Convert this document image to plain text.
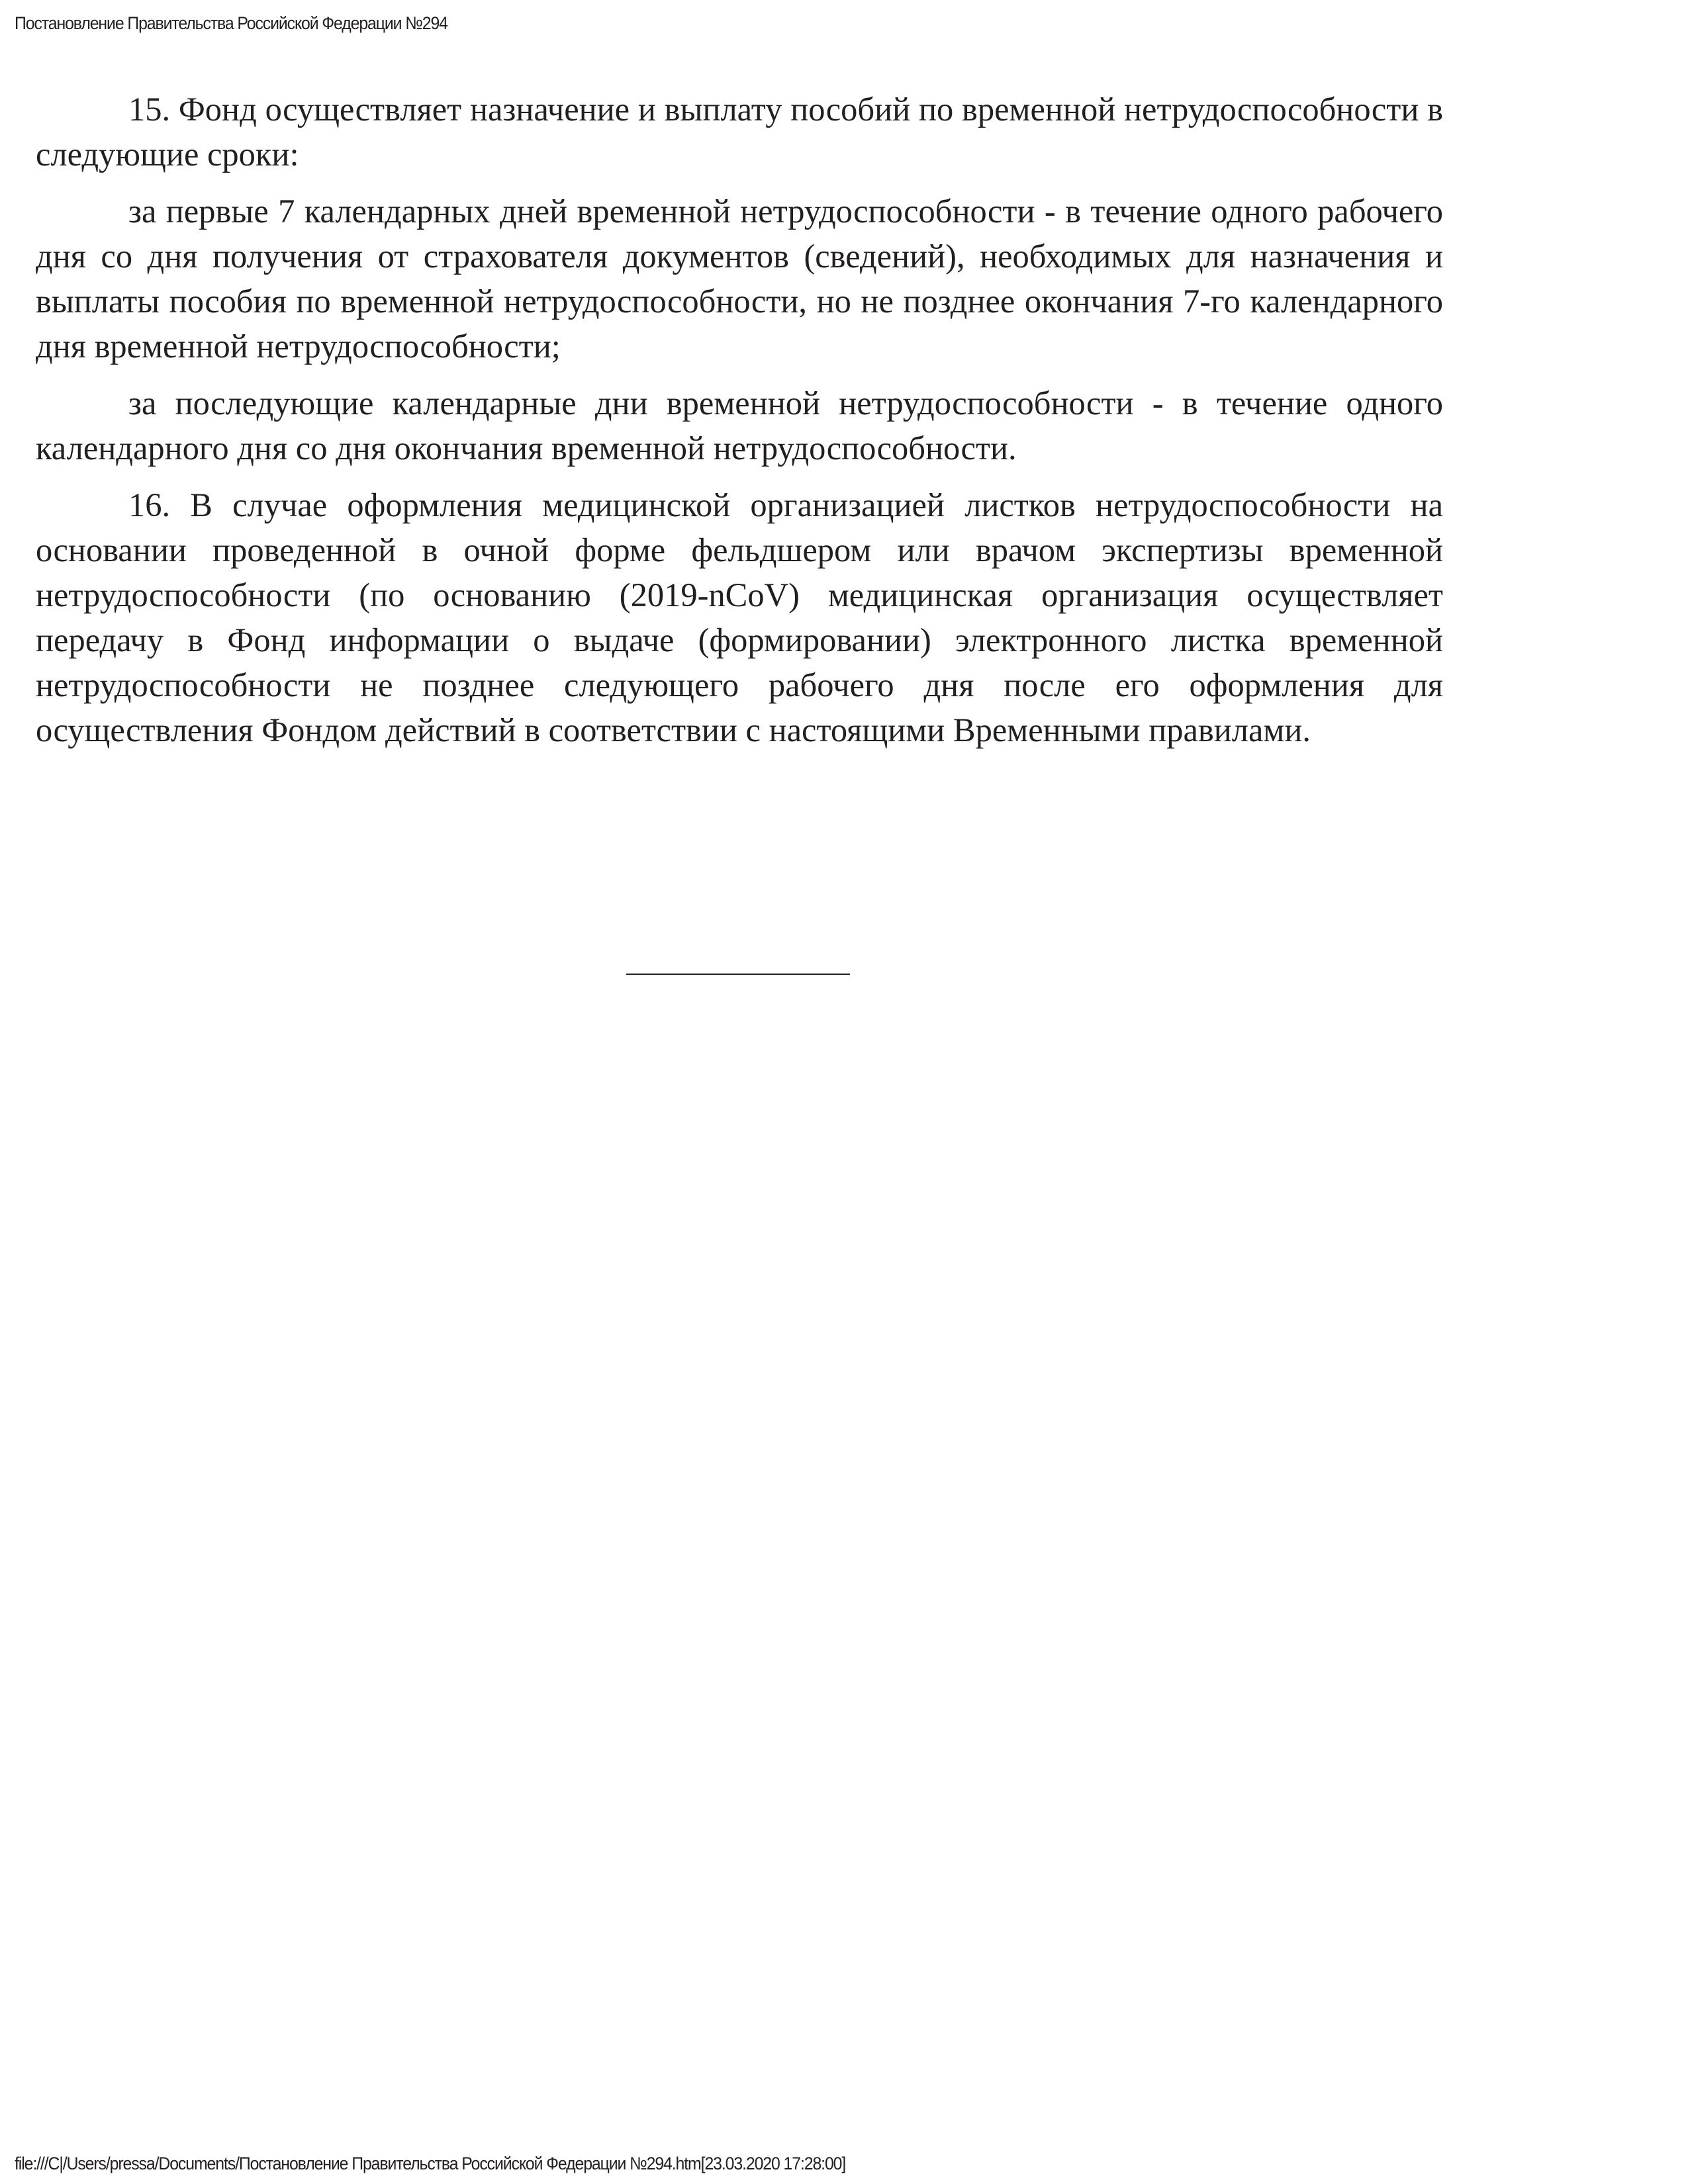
Постановление Правительства Российской Федерации №294

15. Фонд осуществляет назначение и выплату пособий по временной нетрудоспособности в следующие сроки:

за первые 7 календарных дней временной нетрудоспособности - в течение одного рабочего дня со дня получения от страхователя документов (сведений), необходимых для назначения и выплаты пособия по временной нетрудоспособности, но не позднее окончания 7-го календарного дня временной нетрудоспособности;

за последующие календарные дни временной нетрудоспособности - в течение одного календарного дня со дня окончания временной нетрудоспособности.

16. В случае оформления медицинской организацией листков нетрудоспособности на основании проведенной в очной форме фельдшером или врачом экспертизы временной нетрудоспособности (по основанию (2019-nCoV) медицинская организация осуществляет передачу в Фонд информации о выдаче (формировании) электронного листка временной нетрудоспособности не позднее следующего рабочего дня после его оформления для осуществления Фондом действий в соответствии с настоящими Временными правилами.

file:///C|/Users/pressa/Documents/Постановление Правительства Российской Федерации №294.htm[23.03.2020 17:28:00]
